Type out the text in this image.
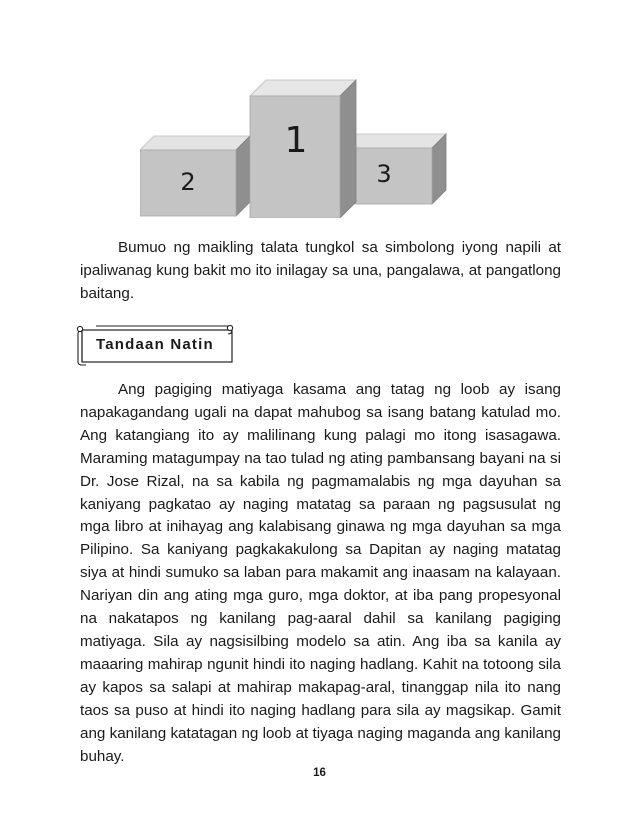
2	3
1

Bumuo ng maikling talata tungkol sa simbolong iyong napili at ipaliwanag kung bakit mo ito inilagay sa una, pangalawa, at pangatlong baitang.

Tandaan Natin

Ang pagiging matiyaga kasama ang tatag ng loob ay isang napakagandang ugali na dapat mahubog sa isang batang katulad mo. Ang katangiang ito ay malilinang kung palagi mo itong isasagawa. Maraming matagumpay na tao tulad ng ating pambansang bayani na si Dr. Jose Rizal, na sa kabila ng pagmamalabis ng mga dayuhan sa kaniyang pagkatao ay naging matatag sa paraan ng pagsusulat ng mga libro at inihayag ang kalabisang ginawa ng mga dayuhan sa mga Pilipino. Sa kaniyang pagkakakulong sa Dapitan ay naging matatag siya at hindi sumuko sa laban para makamit ang inaasam na kalayaan. Nariyan din ang ating mga guro, mga doktor, at iba pang propesyonal na nakatapos ng kanilang pag-aaral dahil sa kanilang pagiging matiyaga. Sila ay nagsisilbing modelo sa atin. Ang iba sa kanila ay maaaring mahirap ngunit hindi ito naging hadlang. Kahit na totoong sila ay kapos sa salapi at mahirap makapag-aral, tinanggap nila ito nang taos sa puso at hindi ito naging hadlang para sila ay magsikap. Gamit ang kanilang katatagan ng loob at tiyaga naging maganda ang kanilang buhay.

16
